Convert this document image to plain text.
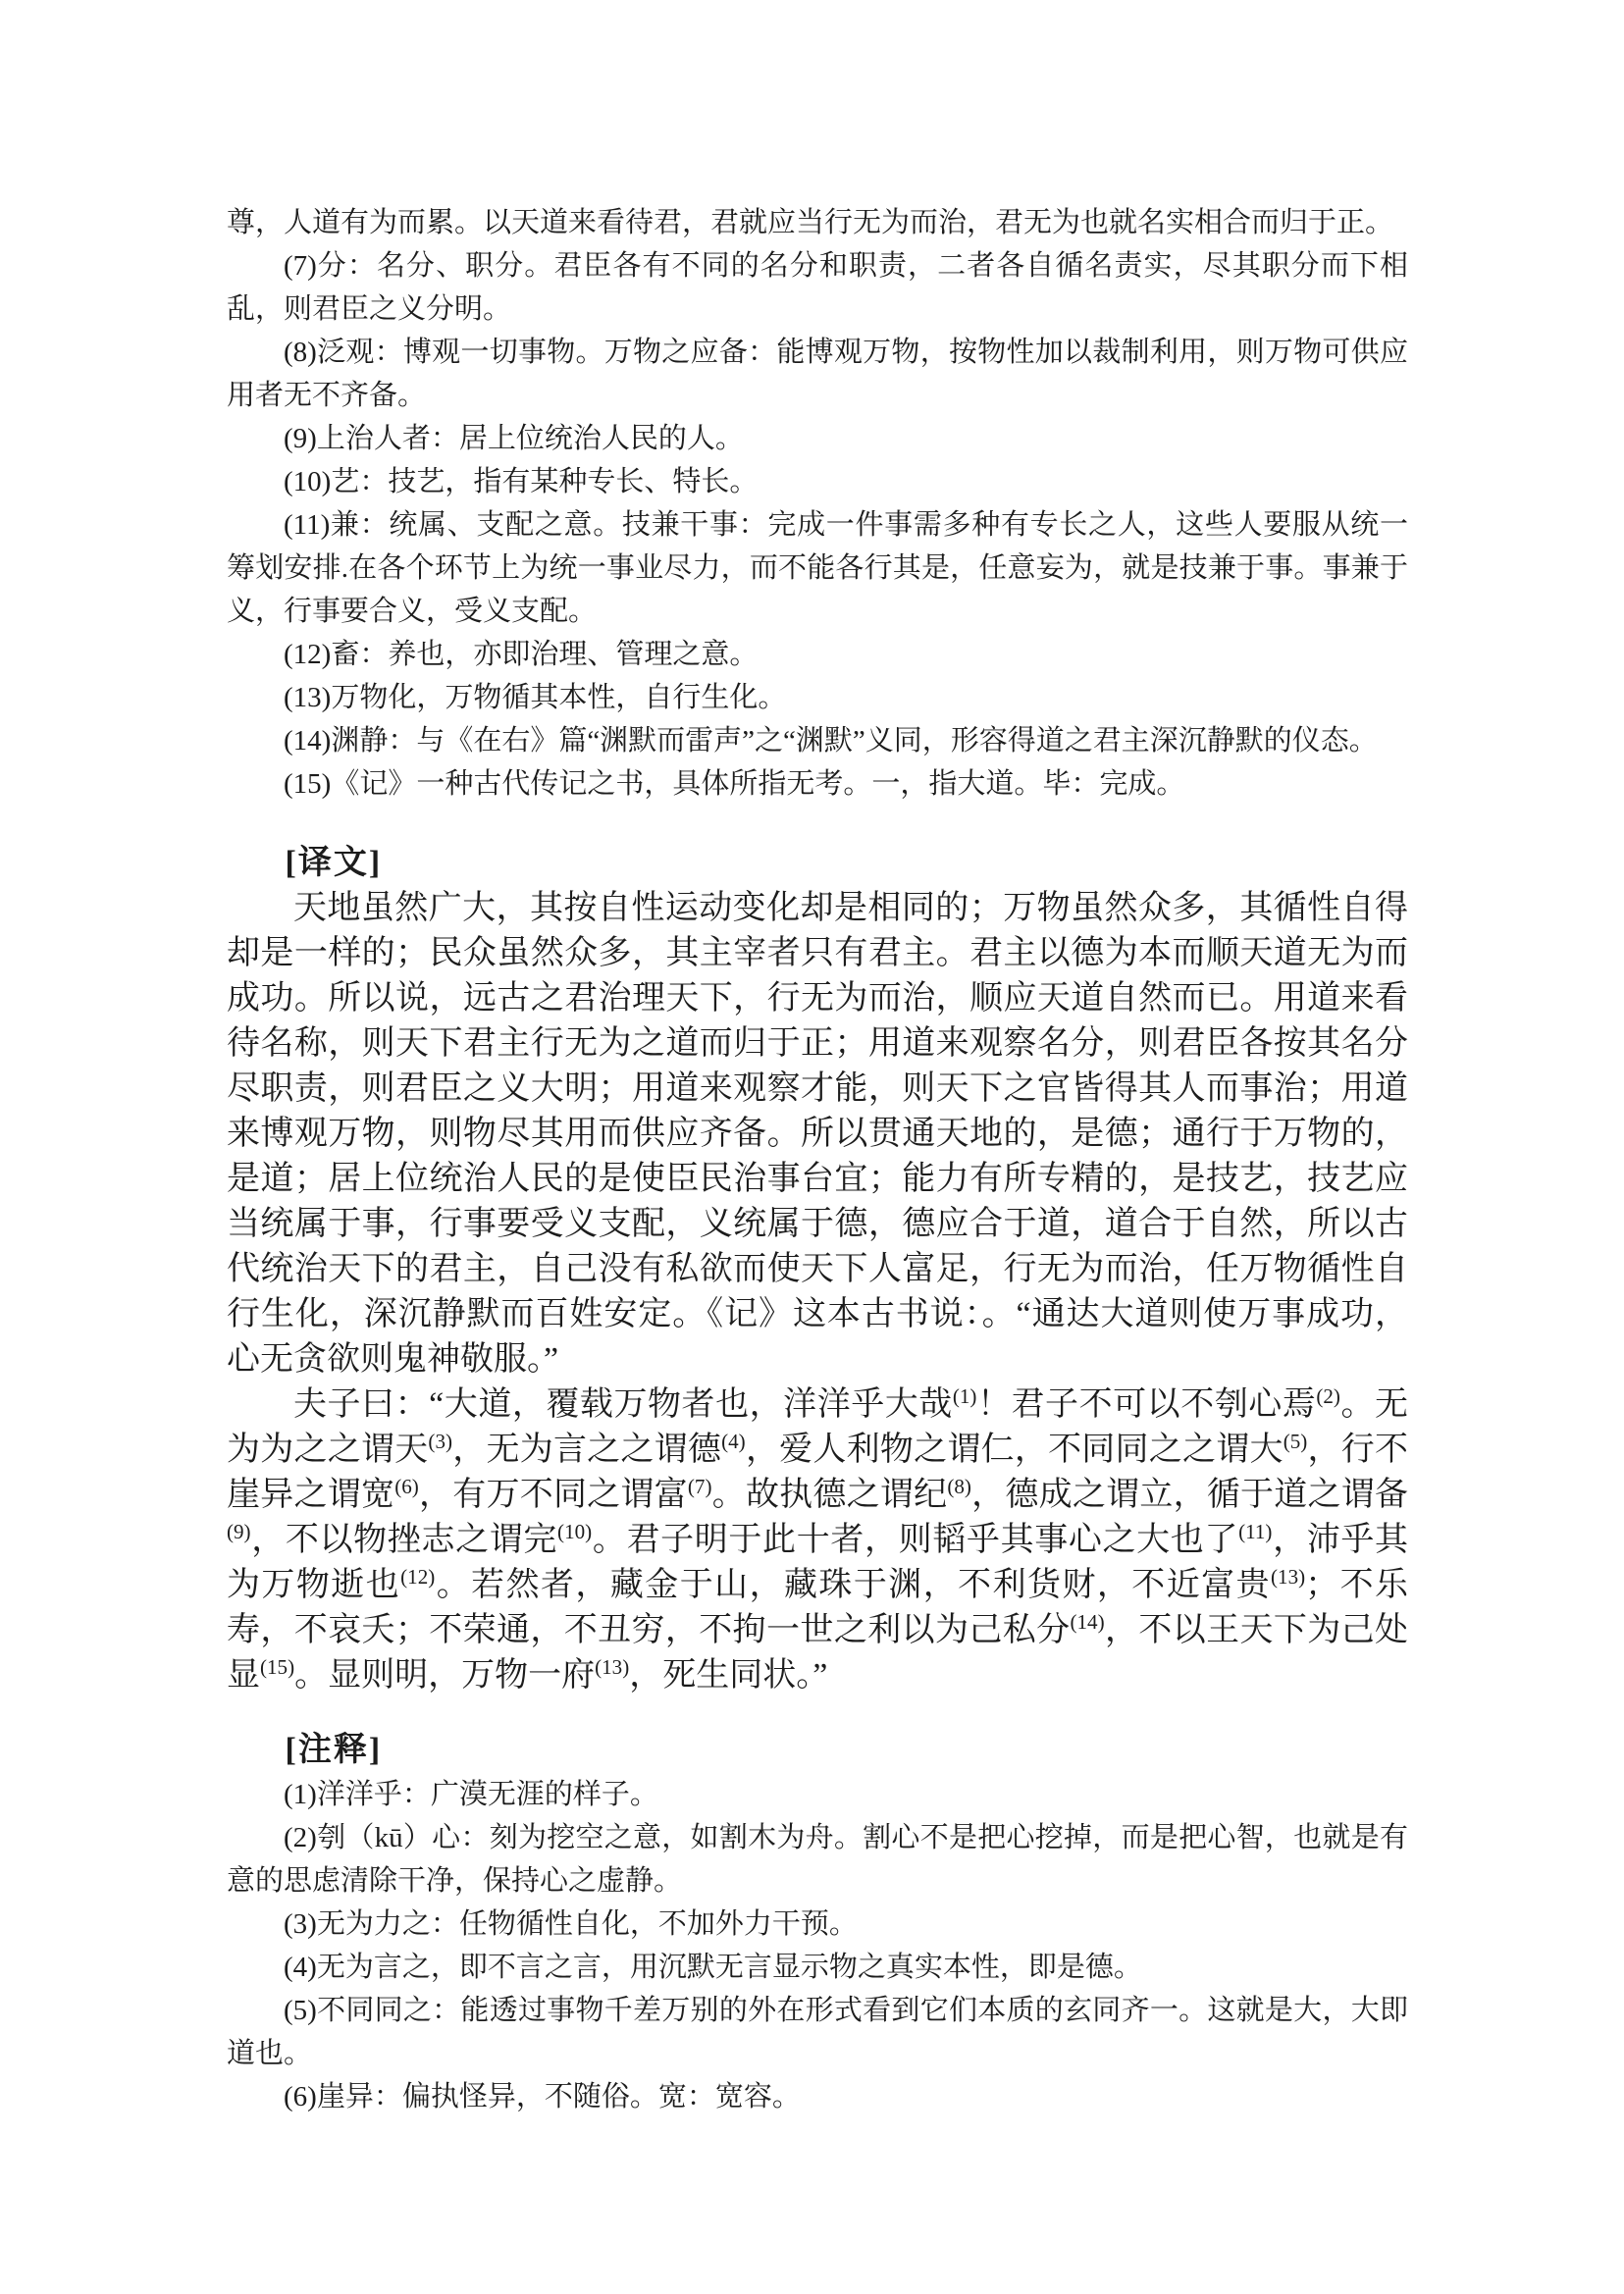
尊，人道有为而累。以天道来看待君，君就应当行无为而治，君无为也就名实相合而归于正。

(7)分：名分、职分。君臣各有不同的名分和职责，二者各自循名责实，尽其职分而下相乱，则君臣之义分明。

(8)泛观：博观一切事物。万物之应备：能博观万物，按物性加以裁制利用，则万物可供应用者无不齐备。

(9)上治人者：居上位统治人民的人。

(10)艺：技艺，指有某种专长、特长。

(11)兼：统属、支配之意。技兼干事：完成一件事需多种有专长之人，这些人要服从统一筹划安排.在各个环节上为统一事业尽力，而不能各行其是，任意妄为，就是技兼于事。事兼于义，行事要合义，受义支配。

(12)畜：养也，亦即治理、管理之意。

(13)万物化，万物循其本性，自行生化。

(14)渊静：与《在右》篇“渊默而雷声”之“渊默”义同，形容得道之君主深沉静默的仪态。

(15)《记》一种古代传记之书，具体所指无考。一，指大道。毕：完成。

[译文]

天地虽然广大，其按自性运动变化却是相同的；万物虽然众多，其循性自得却是一样的；民众虽然众多，其主宰者只有君主。君主以德为本而顺天道无为而成功。所以说，远古之君治理天下，行无为而治，顺应天道自然而已。用道来看待名称，则天下君主行无为之道而归于正；用道来观察名分，则君臣各按其名分尽职责，则君臣之义大明；用道来观察才能，则天下之官皆得其人而事治；用道来博观万物，则物尽其用而供应齐备。所以贯通天地的，是德；通行于万物的，是道；居上位统治人民的是使臣民治事台宜；能力有所专精的，是技艺，技艺应当统属于事，行事要受义支配，义统属于德，德应合于道，道合于自然，所以古代统治天下的君主，自己没有私欲而使天下人富足，行无为而治，任万物循性自行生化，深沉静默而百姓安定。《记》这本古书说：。“通达大道则使万事成功，心无贪欲则鬼神敬服。”

夫子曰：“大道，覆载万物者也，洋洋乎大哉$^{(1)}$！君子不可以不刳心焉$^{(2)}$。无为为之之谓天$^{(3)}$，无为言之之谓德$^{(4)}$，爱人利物之谓仁，不同同之之谓大$^{(5)}$，行不崖异之谓宽$^{(6)}$，有万不同之谓富$^{(7)}$。故执德之谓纪$^{(8)}$，德成之谓立，循于道之谓备$^{(9)}$，不以物挫志之谓完$^{(10)}$。君子明于此十者，则韬乎其事心之大也了$^{(11)}$，沛乎其为万物逝也$^{(12)}$。若然者，藏金于山，藏珠于渊，不利货财，不近富贵$^{(13)}$；不乐寿，不哀夭；不荣通，不丑穷，不拘一世之利以为己私分$^{(14)}$，不以王天下为己处显$^{(15)}$。显则明，万物一府$^{(13)}$，死生同状。”

[注释]

(1)洋洋乎：广漠无涯的样子。

(2)刳（kū）心：刻为挖空之意，如割木为舟。割心不是把心挖掉，而是把心智，也就是有意的思虑清除干净，保持心之虚静。

(3)无为力之：任物循性自化，不加外力干预。

(4)无为言之，即不言之言，用沉默无言显示物之真实本性，即是德。

(5)不同同之：能透过事物千差万别的外在形式看到它们本质的玄同齐一。这就是大，大即道也。

(6)崖异：偏执怪异，不随俗。宽：宽容。
